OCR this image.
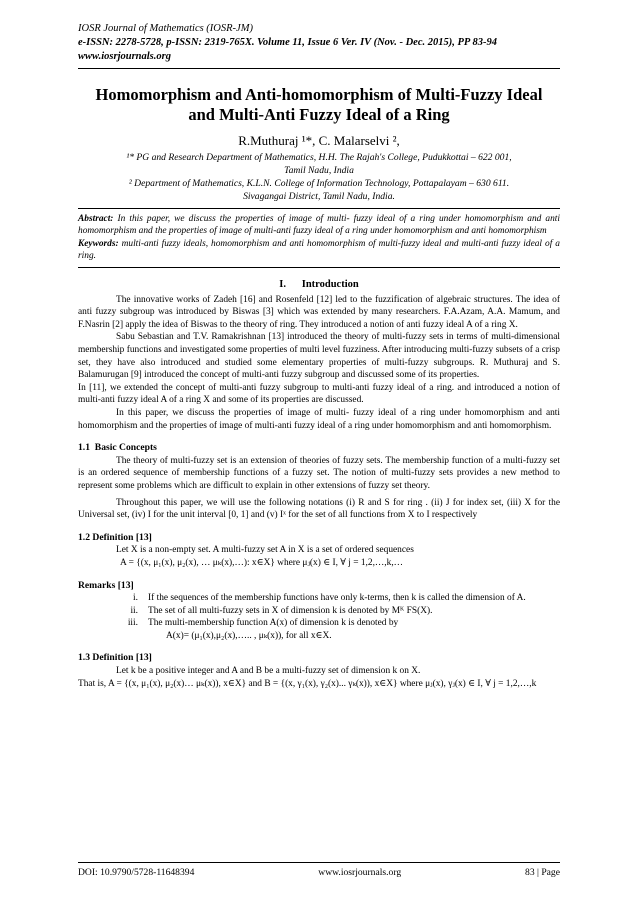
IOSR Journal of Mathematics (IOSR-JM)
e-ISSN: 2278-5728, p-ISSN: 2319-765X. Volume 11, Issue 6 Ver. IV (Nov. - Dec. 2015), PP 83-94
www.iosrjournals.org
Homomorphism and Anti-homomorphism of Multi-Fuzzy Ideal
and Multi-Anti Fuzzy Ideal of a Ring
R.Muthuraj ¹*, C. Malarselvi ²,
¹* PG and Research Department of Mathematics, H.H. The Rajah's College, Pudukkottai – 622 001,
Tamil Nadu, India
² Department of Mathematics, K.L.N. College of Information Technology, Pottapalayam – 630 611.
Sivagangai District, Tamil Nadu, India.
Abstract: In this paper, we discuss the properties of image of multi- fuzzy ideal of a ring under homomorphism and anti homomorphism and the properties of image of multi-anti fuzzy ideal of a ring under homomorphism and anti homomorphism
Keywords: multi-anti fuzzy ideals, homomorphism and anti homomorphism of multi-fuzzy ideal and multi-anti fuzzy ideal of a ring.
I.      Introduction
The innovative works of Zadeh [16] and Rosenfeld [12] led to the fuzzification of algebraic structures. The idea of anti fuzzy subgroup was introduced by Biswas [3] which was extended by many researchers. F.A.Azam, A.A. Mamum, and F.Nasrin [2] apply the idea of Biswas to the theory of ring. They introduced a notion of anti fuzzy ideal A of a ring X.
Sabu Sebastian and T.V. Ramakrishnan [13] introduced the theory of multi-fuzzy sets in terms of multi-dimensional membership functions and investigated some properties of multi level fuzziness. After introducing multi-fuzzy subsets of a crisp set, they have also introduced and studied some elementary properties of multi-fuzzy subgroups. R. Muthuraj and S. Balamurugan [9] introduced the concept of multi-anti fuzzy subgroup and discussed some of its properties.
In [11], we extended the concept of multi-anti fuzzy subgroup to multi-anti fuzzy ideal of a ring. and introduced a notion of multi-anti fuzzy ideal A of a ring X and some of its properties are discussed.
In this paper, we discuss the properties of image of multi- fuzzy ideal of a ring under homomorphism and anti homomorphism and the properties of image of multi-anti fuzzy ideal of a ring under homomorphism and anti homomorphism.
1.1  Basic Concepts
The theory of multi-fuzzy set is an extension of theories of fuzzy sets. The membership function of a multi-fuzzy set is an ordered sequence of membership functions of a fuzzy set. The notion of multi-fuzzy sets provides a new method to represent some problems which are difficult to explain in other extensions of fuzzy set theory.
Throughout this paper, we will use the following notations (i) R and S for ring . (ii) J for index set, (iii) X for the Universal set, (iv) I for the unit interval [0, 1] and (v) Iˣ for the set of all functions from X to I respectively
1.2 Definition [13]
Let X is a non-empty set. A multi-fuzzy set A in X is a set of ordered sequences
A = {(x, μ₁(x), μ₂(x), … μₖ(x),…): x∈X} where μⱼ(x) ∈ I, ∀ j = 1,2,…,k,…
Remarks [13]
i.	If the sequences of the membership functions have only k-terms, then k is called the dimension of A.
ii.	The set of all multi-fuzzy sets in X of dimension k is denoted by Mᴷ FS(X).
iii.	The multi-membership function A(x) of dimension k is denoted by
A(x)= (μ₁(x),μ₂(x),….. , μₖ(x)), for all x∈X.
1.3 Definition [13]
Let k be a positive integer and A and B be a multi-fuzzy set of dimension k on X.
That is, A = {(x, μ₁(x), μ₂(x)… μₖ(x)), x∈X} and B = {(x, γ₁(x), γ₂(x)... γₖ(x)), x∈X} where μⱼ(x), γⱼ(x) ∈ I, ∀ j = 1,2,…,k
DOI: 10.9790/5728-11648394	www.iosrjournals.org	83 | Page
